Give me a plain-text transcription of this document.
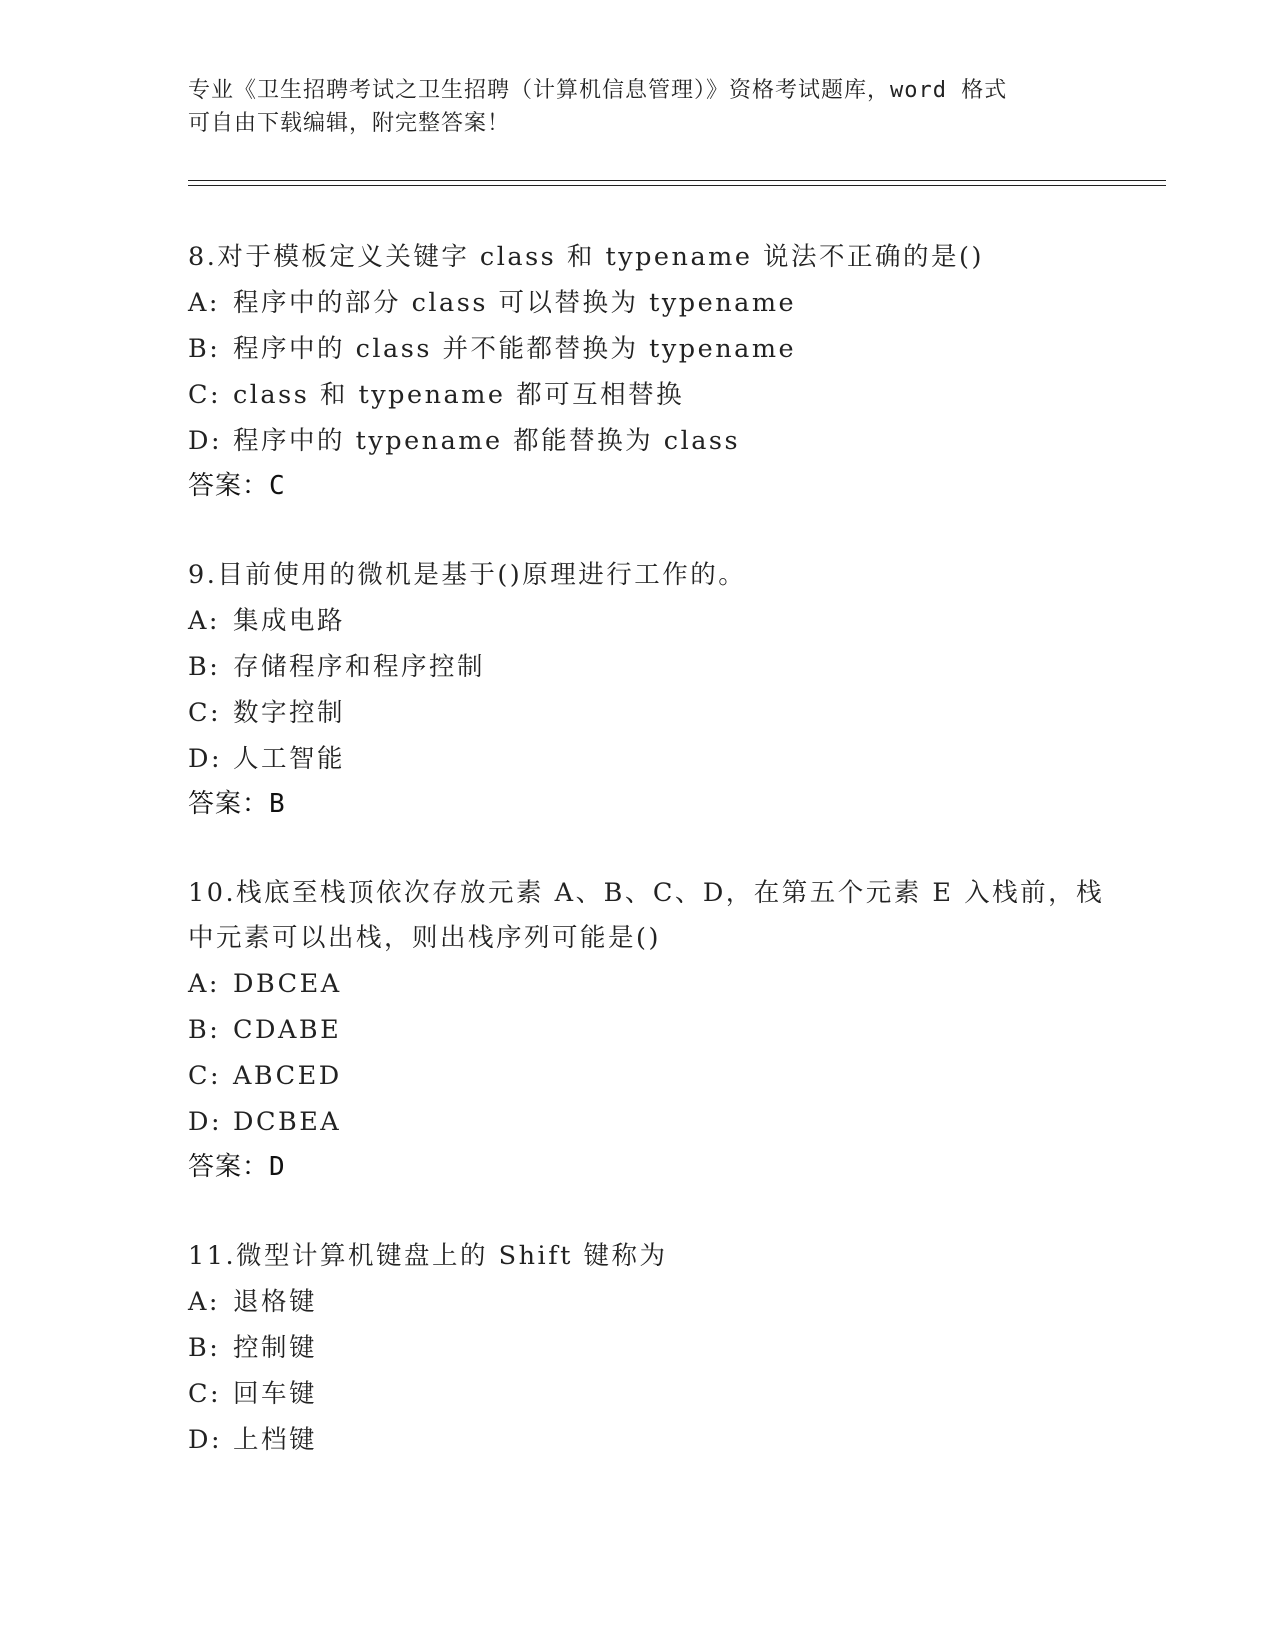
专业《卫生招聘考试之卫生招聘（计算机信息管理）》资格考试题库，word 格式
可自由下载编辑，附完整答案！
8.对于模板定义关键字 class 和 typename 说法不正确的是()
A: 程序中的部分 class 可以替换为 typename
B: 程序中的 class 并不能都替换为 typename
C: class 和 typename 都可互相替换
D: 程序中的 typename 都能替换为 class
答案：C
9.目前使用的微机是基于()原理进行工作的。
A: 集成电路
B: 存储程序和程序控制
C: 数字控制
D: 人工智能
答案：B
10.栈底至栈顶依次存放元素 A、B、C、D，在第五个元素 E 入栈前，栈中元素可以出栈，则出栈序列可能是()
A: DBCEA
B: CDABE
C: ABCED
D: DCBEA
答案：D
11.微型计算机键盘上的 Shift 键称为
A: 退格键
B: 控制键
C: 回车键
D: 上档键
